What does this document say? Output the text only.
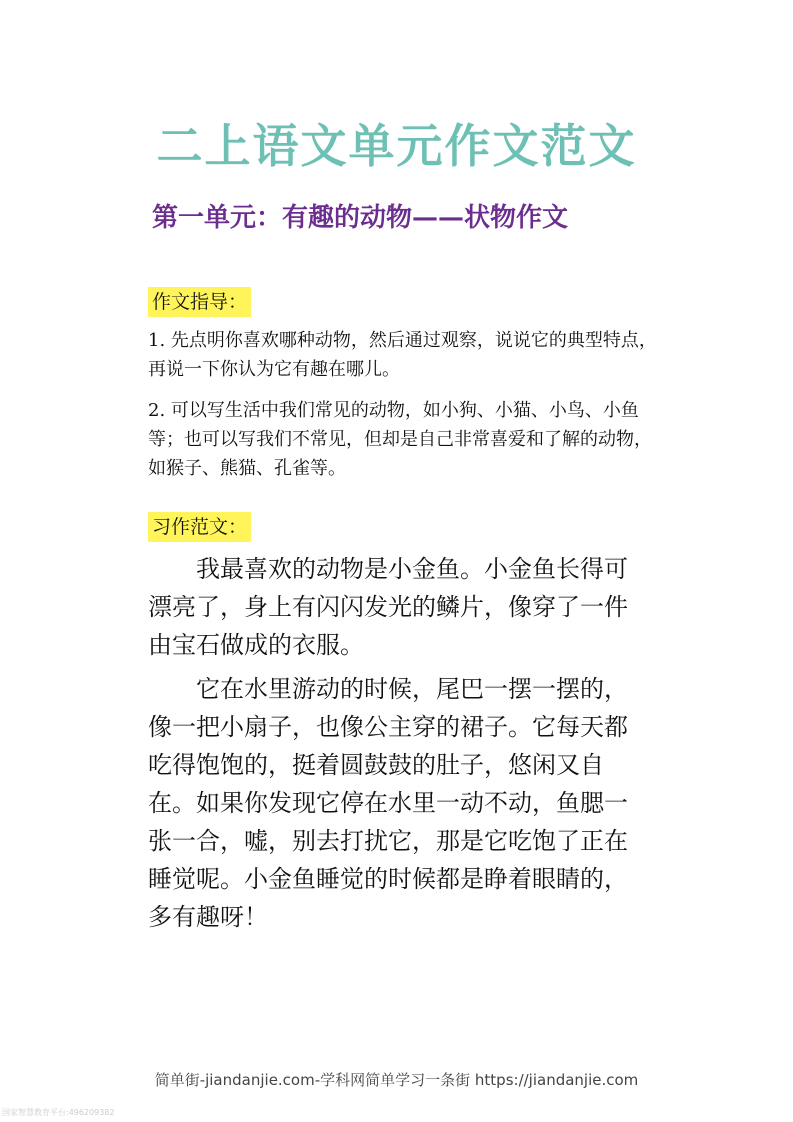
二上语文单元作文范文
第一单元：有趣的动物——状物作文
作文指导：

1. 先点明你喜欢哪种动物，然后通过观察，说说它的典型特点，再说一下你认为它有趣在哪儿。

2. 可以写生活中我们常见的动物，如小狗、小猫、小鸟、小鱼等；也可以写我们不常见，但却是自己非常喜爱和了解的动物，如猴子、熊猫、孔雀等。

习作范文：

我最喜欢的动物是小金鱼。小金鱼长得可漂亮了，身上有闪闪发光的鳞片，像穿了一件由宝石做成的衣服。

它在水里游动的时候，尾巴一摆一摆的，像一把小扇子，也像公主穿的裙子。它每天都吃得饱饱的，挺着圆鼓鼓的肚子，悠闲又自在。如果你发现它停在水里一动不动，鱼腮一张一合，嘘，别去打扰它，那是它吃饱了正在睡觉呢。小金鱼睡觉的时候都是睁着眼睛的，多有趣呀！

简单街-jiandanjie.com-学科网简单学习一条街 https://jiandanjie.com
国家智慧教育平台:496209382
